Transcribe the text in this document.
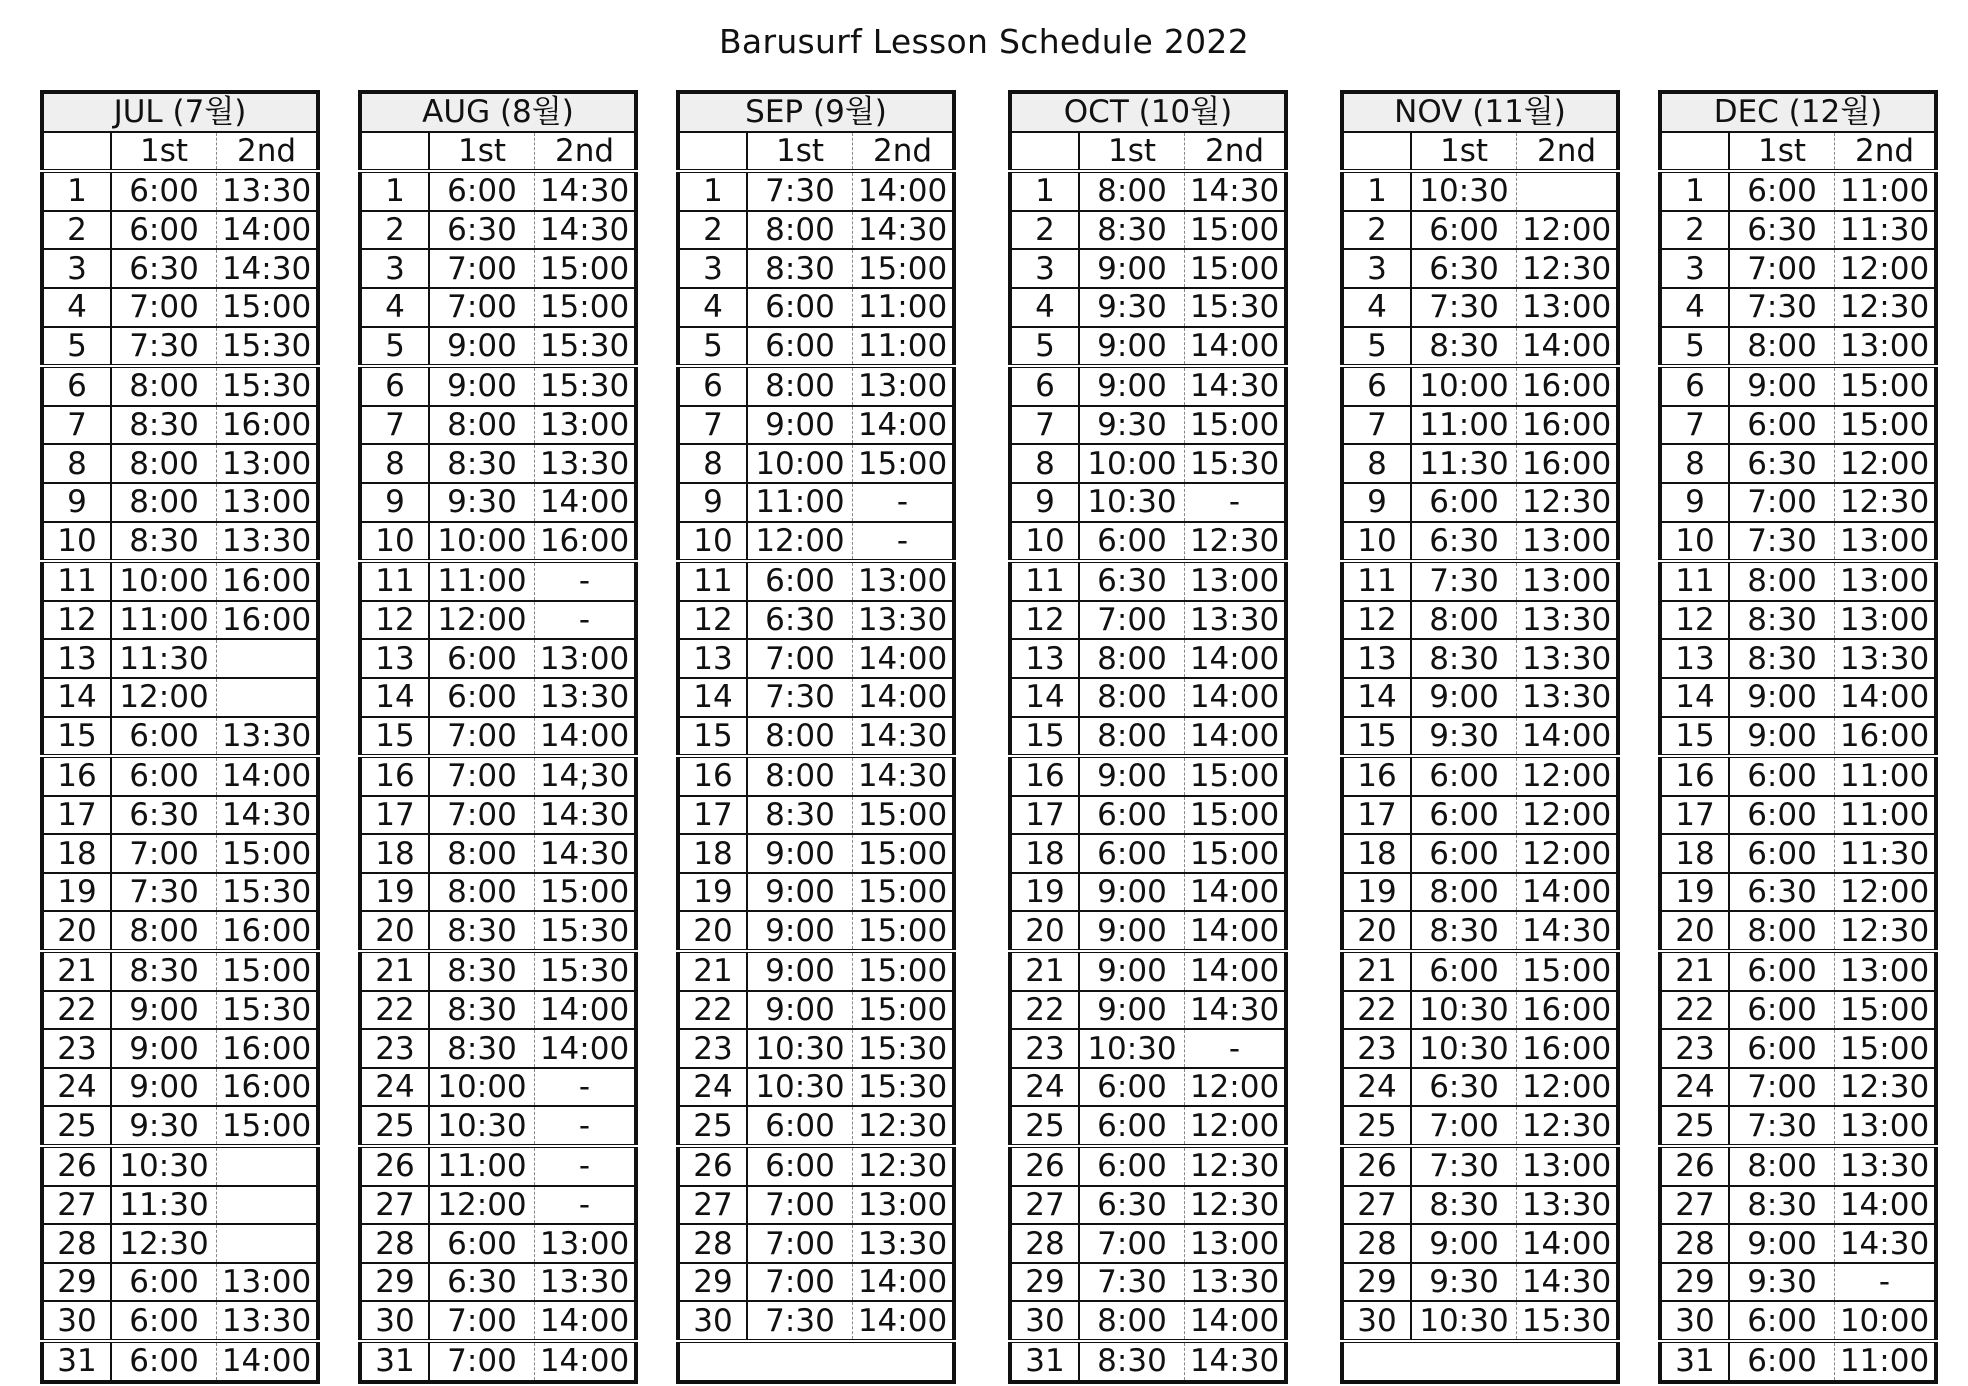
Barusurf Lesson Schedule 2022
JUL (7월)		
	1st	2nd
1	6:00	13:30
2	6:00	14:00
3	6:30	14:30
4	7:00	15:00
5	7:30	15:30
6	8:00	15:30
7	8:30	16:00
8	8:00	13:00
9	8:00	13:00
10	8:30	13:30
11	10:00	16:00
12	11:00	16:00
13	11:30	
14	12:00	
15	6:00	13:30
16	6:00	14:00
17	6:30	14:30
18	7:00	15:00
19	7:30	15:30
20	8:00	16:00
21	8:30	15:00
22	9:00	15:30
23	9:00	16:00
24	9:00	16:00
25	9:30	15:00
26	10:30	
27	11:30	
28	12:30	
29	6:00	13:00
30	6:00	13:30
31	6:00	14:00
AUG (8월)		
	1st	2nd
1	6:00	14:30
2	6:30	14:30
3	7:00	15:00
4	7:00	15:00
5	9:00	15:30
6	9:00	15:30
7	8:00	13:00
8	8:30	13:30
9	9:30	14:00
10	10:00	16:00
11	11:00	-
12	12:00	-
13	6:00	13:00
14	6:00	13:30
15	7:00	14:00
16	7:00	14;30
17	7:00	14:30
18	8:00	14:30
19	8:00	15:00
20	8:30	15:30
21	8:30	15:30
22	8:30	14:00
23	8:30	14:00
24	10:00	-
25	10:30	-
26	11:00	-
27	12:00	-
28	6:00	13:00
29	6:30	13:30
30	7:00	14:00
31	7:00	14:00
SEP (9월)		
	1st	2nd
1	7:30	14:00
2	8:00	14:30
3	8:30	15:00
4	6:00	11:00
5	6:00	11:00
6	8:00	13:00
7	9:00	14:00
8	10:00	15:00
9	11:00	-
10	12:00	-
11	6:00	13:00
12	6:30	13:30
13	7:00	14:00
14	7:30	14:00
15	8:00	14:30
16	8:00	14:30
17	8:30	15:00
18	9:00	15:00
19	9:00	15:00
20	9:00	15:00
21	9:00	15:00
22	9:00	15:00
23	10:30	15:30
24	10:30	15:30
25	6:00	12:30
26	6:00	12:30
27	7:00	13:00
28	7:00	13:30
29	7:00	14:00
30	7:30	14:00

OCT (10월)		
	1st	2nd
1	8:00	14:30
2	8:30	15:00
3	9:00	15:00
4	9:30	15:30
5	9:00	14:00
6	9:00	14:30
7	9:30	15:00
8	10:00	15:30
9	10:30	-
10	6:00	12:30
11	6:30	13:00
12	7:00	13:30
13	8:00	14:00
14	8:00	14:00
15	8:00	14:00
16	9:00	15:00
17	6:00	15:00
18	6:00	15:00
19	9:00	14:00
20	9:00	14:00
21	9:00	14:00
22	9:00	14:30
23	10:30	-
24	6:00	12:00
25	6:00	12:00
26	6:00	12:30
27	6:30	12:30
28	7:00	13:00
29	7:30	13:30
30	8:00	14:00
31	8:30	14:30
NOV (11월)		
	1st	2nd
1	10:30	
2	6:00	12:00
3	6:30	12:30
4	7:30	13:00
5	8:30	14:00
6	10:00	16:00
7	11:00	16:00
8	11:30	16:00
9	6:00	12:30
10	6:30	13:00
11	7:30	13:00
12	8:00	13:30
13	8:30	13:30
14	9:00	13:30
15	9:30	14:00
16	6:00	12:00
17	6:00	12:00
18	6:00	12:00
19	8:00	14:00
20	8:30	14:30
21	6:00	15:00
22	10:30	16:00
23	10:30	16:00
24	6:30	12:00
25	7:00	12:30
26	7:30	13:00
27	8:30	13:30
28	9:00	14:00
29	9:30	14:30
30	10:30	15:30

DEC (12월)		
	1st	2nd
1	6:00	11:00
2	6:30	11:30
3	7:00	12:00
4	7:30	12:30
5	8:00	13:00
6	9:00	15:00
7	6:00	15:00
8	6:30	12:00
9	7:00	12:30
10	7:30	13:00
11	8:00	13:00
12	8:30	13:00
13	8:30	13:30
14	9:00	14:00
15	9:00	16:00
16	6:00	11:00
17	6:00	11:00
18	6:00	11:30
19	6:30	12:00
20	8:00	12:30
21	6:00	13:00
22	6:00	15:00
23	6:00	15:00
24	7:00	12:30
25	7:30	13:00
26	8:00	13:30
27	8:30	14:00
28	9:00	14:30
29	9:30	-
30	6:00	10:00
31	6:00	11:00
